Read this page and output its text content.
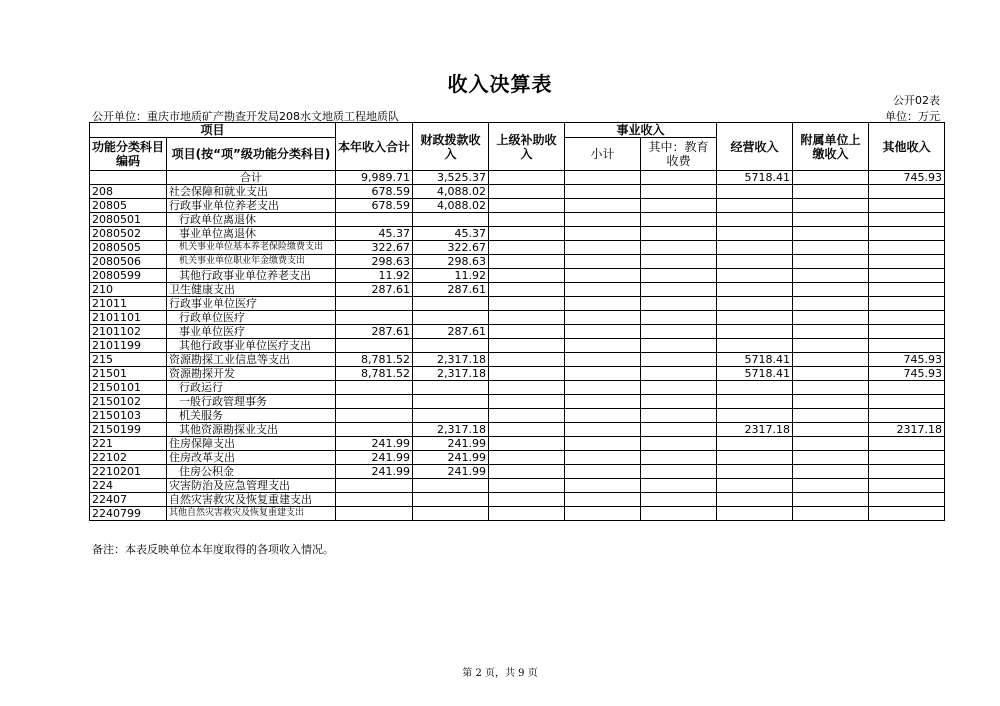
收入决算表
公开02表
公开单位：重庆市地质矿产勘查开发局208水文地质工程地质队	单位：万元
项目		本年收入合计	财政拨款收入	上级补助收入	事业收入		经营收入	附属单位上缴收入	其他收入
功能分类科目编码	项目(按“项”级功能分类科目)				小计	其中：教育收费			

	合计	9,989.71	3,525.37				5718.41		745.93
208	社会保障和就业支出	678.59	4,088.02						
20805	行政事业单位养老支出	678.59	4,088.02						
2080501	行政单位离退休								
2080502	事业单位离退休	45.37	45.37						
2080505	机关事业单位基本养老保险缴费支出	322.67	322.67						
2080506	机关事业单位职业年金缴费支出	298.63	298.63						
2080599	其他行政事业单位养老支出	11.92	11.92						
210	卫生健康支出	287.61	287.61						
21011	行政事业单位医疗								
2101101	行政单位医疗								
2101102	事业单位医疗	287.61	287.61						
2101199	其他行政事业单位医疗支出								
215	资源勘探工业信息等支出	8,781.52	2,317.18				5718.41		745.93
21501	资源勘探开发	8,781.52	2,317.18				5718.41		745.93
2150101	行政运行								
2150102	一般行政管理事务								
2150103	机关服务								
2150199	其他资源勘探业支出		2,317.18				2317.18		2317.18
221	住房保障支出	241.99	241.99						
22102	住房改革支出	241.99	241.99						
2210201	住房公积金	241.99	241.99						
224	灾害防治及应急管理支出								
22407	自然灾害救灾及恢复重建支出								
2240799	其他自然灾害救灾及恢复重建支出								
备注：本表反映单位本年度取得的各项收入情况。
第 2 页，共 9 页
